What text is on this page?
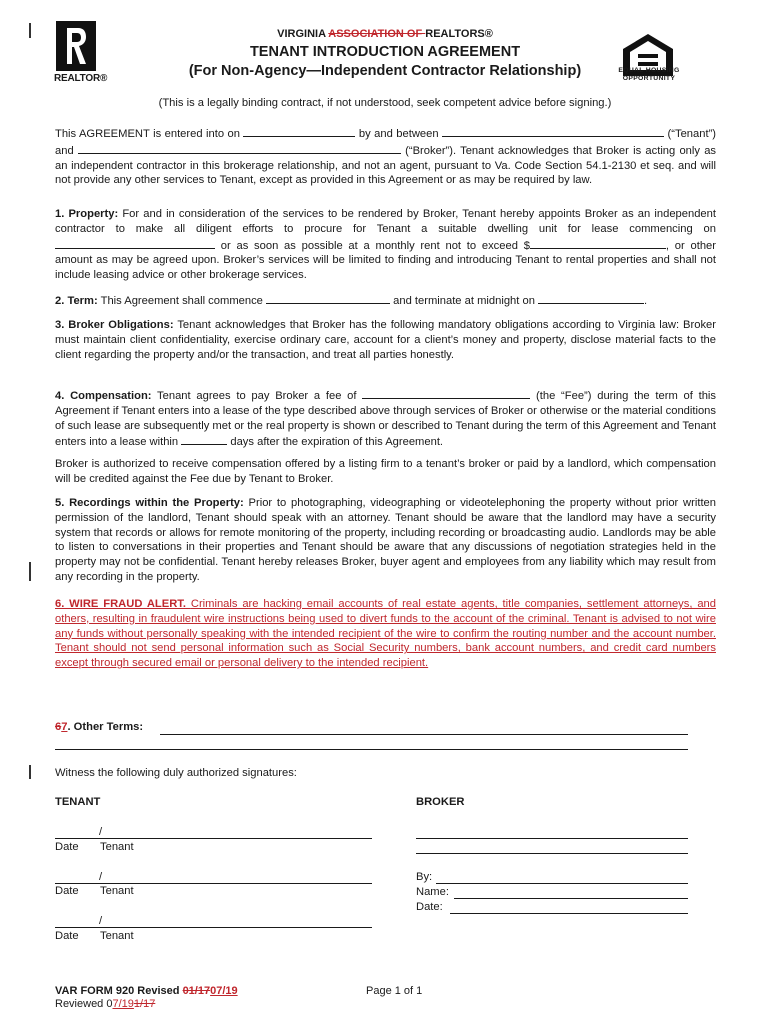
REALTOR®
EQUAL HOUSING
OPPORTUNITY
VIRGINIA ASSOCIATION OF REALTORS®
TENANT INTRODUCTION AGREEMENT
(For Non-Agency—Independent Contractor Relationship)
(This is a legally binding contract, if not understood, seek competent advice before signing.)
This AGREEMENT is entered into on	by and between	(“Tenant”) and	(“Broker”). Tenant acknowledges that Broker is acting only as an independent contractor in this brokerage relationship, and not an agent, pursuant to Va. Code Section 54.1-2130 et seq. and will not provide any other services to Tenant, except as provided in this Agreement or as may be required by law.
1. Property: For and in consideration of the services to be rendered by Broker, Tenant hereby appoints Broker as an independent contractor to make all diligent efforts to procure for Tenant a suitable dwelling unit for lease commencing on  or as soon as possible at a monthly rent not to exceed $	, or other amount as may be agreed upon. Broker’s services will be limited to finding and introducing Tenant to rental properties and shall not include leasing advice or other brokerage services.
2. Term: This Agreement shall commence	and terminate at midnight on	.
3. Broker Obligations: Tenant acknowledges that Broker has the following mandatory obligations according to Virginia law: Broker must maintain client confidentiality, exercise ordinary care, account for a client’s money and property, disclose material facts to the client regarding the property and/or the transaction, and treat all parties honestly.
4. Compensation: Tenant agrees to pay Broker a fee of	(the “Fee”) during the term of this Agreement if Tenant enters into a lease of the type described above through services of Broker or otherwise or the material conditions of such lease are subsequently met or the real property is shown or described to Tenant during the term of this Agreement and Tenant enters into a lease within	days after the expiration of this Agreement.
Broker is authorized to receive compensation offered by a listing firm to a tenant’s broker or paid by a landlord, which compensation will be credited against the Fee due by Tenant to Broker.
5. Recordings within the Property: Prior to photographing, videographing or videotelephoning the property without prior written permission of the landlord, Tenant should speak with an attorney. Tenant should be aware that the landlord may have a security system that records or allows for remote monitoring of the property, including recording or broadcasting audio. Landlords may be able to listen to conversations in their properties and Tenant should be aware that any discussions of negotiation strategies held in the property may not be confidential. Tenant hereby releases Broker, buyer agent and employees from any liability which may result from any recording in the property.
6. WIRE FRAUD ALERT. Criminals are hacking email accounts of real estate agents, title companies, settlement attorneys, and others, resulting in fraudulent wire instructions being used to divert funds to the account of the criminal. Tenant is advised to not wire any funds without personally speaking with the intended recipient of the wire to confirm the routing number and the account number. Tenant should not send personal information such as Social Security numbers, bank account numbers, and credit card numbers except through secured email or personal delivery to the intended recipient.
67. Other Terms:
Witness the following duly authorized signatures:
TENANT	BROKER
/
Date Tenant
/
Date Tenant
/
Date Tenant
By:
Name:
Date:
VAR FORM 920 Revised 01/1707/19
Reviewed 07/191/17
Page 1 of 1
